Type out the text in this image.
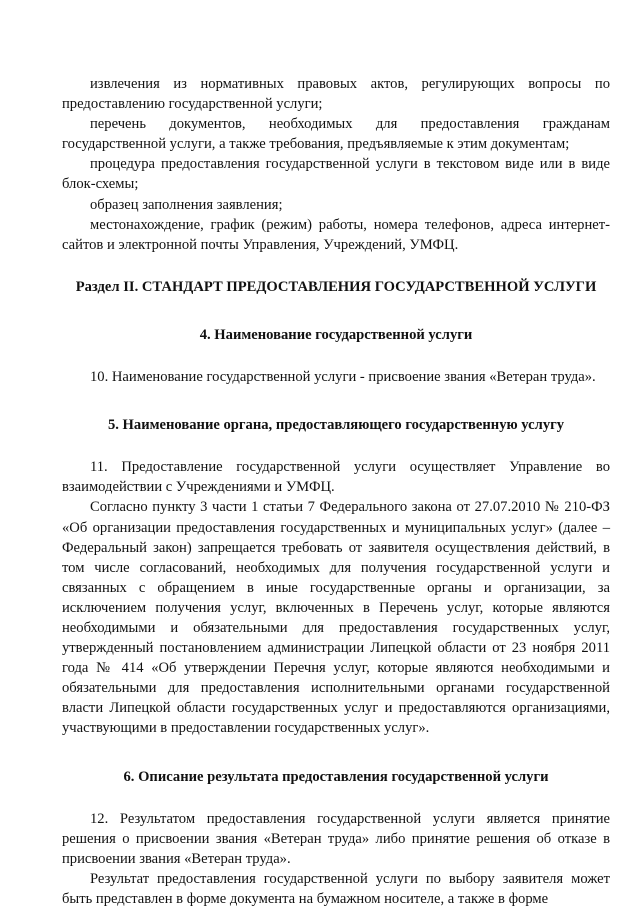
извлечения из нормативных правовых актов, регулирующих вопросы по предоставлению государственной услуги;

перечень документов, необходимых для предоставления гражданам государственной услуги, а также требования, предъявляемые к этим документам;

процедура предоставления государственной услуги в текстовом виде или в виде блок-схемы;

образец заполнения заявления;

местонахождение, график (режим) работы, номера телефонов, адреса интернет-сайтов и электронной почты Управления, Учреждений, УМФЦ.

Раздел II. СТАНДАРТ ПРЕДОСТАВЛЕНИЯ ГОСУДАРСТВЕННОЙ УСЛУГИ

4. Наименование государственной услуги

10. Наименование государственной услуги - присвоение звания «Ветеран труда».

5. Наименование органа, предоставляющего государственную услугу

11. Предоставление государственной услуги осуществляет Управление во взаимодействии с Учреждениями и УМФЦ.

Согласно пункту 3 части 1 статьи 7 Федерального закона от 27.07.2010 № 210-ФЗ «Об организации предоставления государственных и муниципальных услуг» (далее – Федеральный закон) запрещается требовать от заявителя осуществления действий, в том числе согласований, необходимых для получения государственной услуги и связанных с обращением в иные государственные органы и организации, за исключением получения услуг, включенных в Перечень услуг, которые являются необходимыми и обязательными для предоставления государственных услуг, утвержденный постановлением администрации Липецкой области от 23 ноября 2011 года № 414 «Об утверждении Перечня услуг, которые являются необходимыми и обязательными для предоставления исполнительными органами государственной власти Липецкой области государственных услуг и предоставляются организациями, участвующими в предоставлении государственных услуг».

6. Описание результата предоставления государственной услуги

12. Результатом предоставления государственной услуги является принятие решения о присвоении звания «Ветеран труда» либо принятие решения об отказе в присвоении звания «Ветеран труда».

Результат предоставления государственной услуги по выбору заявителя может быть представлен в форме документа на бумажном носителе, а также в форме
